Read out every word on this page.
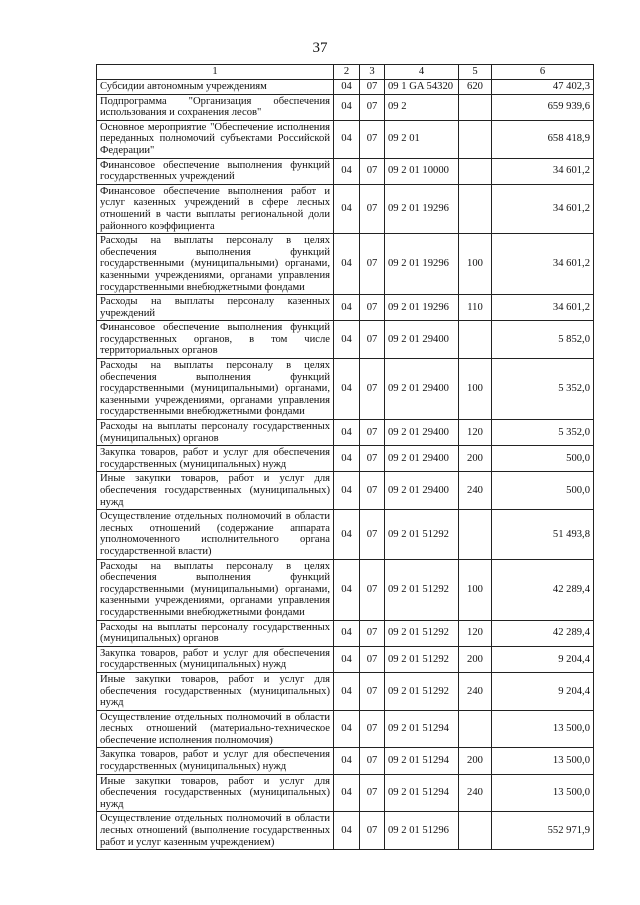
37
1	2	3	4	5	6
Субсидии автономным учреждениям	04	07	09 1 GA 54320	620	47 402,3
Подпрограмма "Организация обеспечения использования и сохранения лесов"	04	07	09 2		659 939,6
Основное мероприятие "Обеспечение исполнения переданных полномочий субъектами Российской Федерации"	04	07	09 2 01		658 418,9
Финансовое обеспечение выполнения функций государственных учреждений	04	07	09 2 01 10000		34 601,2
Финансовое обеспечение выполнения работ и услуг казенных учреждений в сфере лесных отношений в части выплаты региональной доли районного коэффициента	04	07	09 2 01 19296		34 601,2
Расходы на выплаты персоналу в целях обеспечения выполнения функций государственными (муниципальными) органами, казенными учреждениями, органами управления государственными внебюджетными фондами	04	07	09 2 01 19296	100	34 601,2
Расходы на выплаты персоналу казенных учреждений	04	07	09 2 01 19296	110	34 601,2
Финансовое обеспечение выполнения функций государственных органов, в том числе территориальных органов	04	07	09 2 01 29400		5 852,0
Расходы на выплаты персоналу в целях обеспечения выполнения функций государственными (муниципальными) органами, казенными учреждениями, органами управления государственными внебюджетными фондами	04	07	09 2 01 29400	100	5 352,0
Расходы на выплаты персоналу государственных (муниципальных) органов	04	07	09 2 01 29400	120	5 352,0
Закупка товаров, работ и услуг для обеспечения государственных (муниципальных) нужд	04	07	09 2 01 29400	200	500,0
Иные закупки товаров, работ и услуг для обеспечения государственных (муниципальных) нужд	04	07	09 2 01 29400	240	500,0
Осуществление отдельных полномочий в области лесных отношений (содержание аппарата уполномоченного исполнительного органа государственной власти)	04	07	09 2 01 51292		51 493,8
Расходы на выплаты персоналу в целях обеспечения выполнения функций государственными (муниципальными) органами, казенными учреждениями, органами управления государственными внебюджетными фондами	04	07	09 2 01 51292	100	42 289,4
Расходы на выплаты персоналу государственных (муниципальных) органов	04	07	09 2 01 51292	120	42 289,4
Закупка товаров, работ и услуг для обеспечения государственных (муниципальных) нужд	04	07	09 2 01 51292	200	9 204,4
Иные закупки товаров, работ и услуг для обеспечения государственных (муниципальных) нужд	04	07	09 2 01 51292	240	9 204,4
Осуществление отдельных полномочий в области лесных отношений (материально-техническое обеспечение исполнения полномочия)	04	07	09 2 01 51294		13 500,0
Закупка товаров, работ и услуг для обеспечения государственных (муниципальных) нужд	04	07	09 2 01 51294	200	13 500,0
Иные закупки товаров, работ и услуг для обеспечения государственных (муниципальных) нужд	04	07	09 2 01 51294	240	13 500,0
Осуществление отдельных полномочий в области лесных отношений (выполнение государственных работ и услуг казенным учреждением)	04	07	09 2 01 51296		552 971,9
